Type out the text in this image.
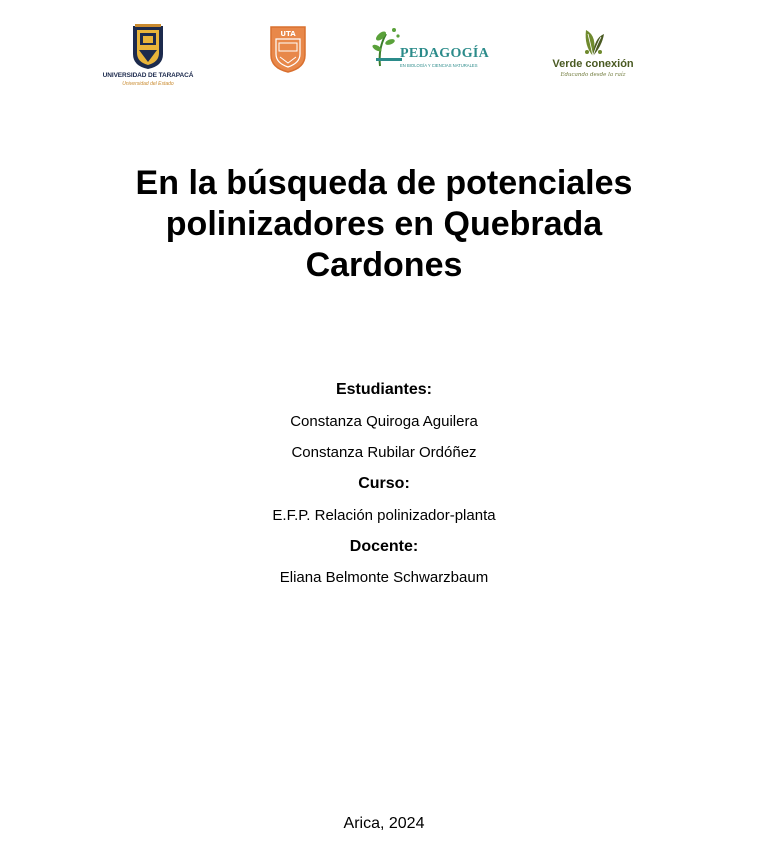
UNIVERSIDAD DE TARAPACÁ
Universidad del Estado
UTA
PEDAGOGÍA
EN BIOLOGÍA Y CIENCIAS NATURALES	Verde conexión
Educando desde la raíz
En la búsqueda de potenciales polinizadores en Quebrada Cardones
Estudiantes:
Constanza Quiroga Aguilera
Constanza Rubilar Ordóñez
Curso:
E.F.P. Relación polinizador-planta
Docente:
Eliana Belmonte Schwarzbaum
Arica, 2024
